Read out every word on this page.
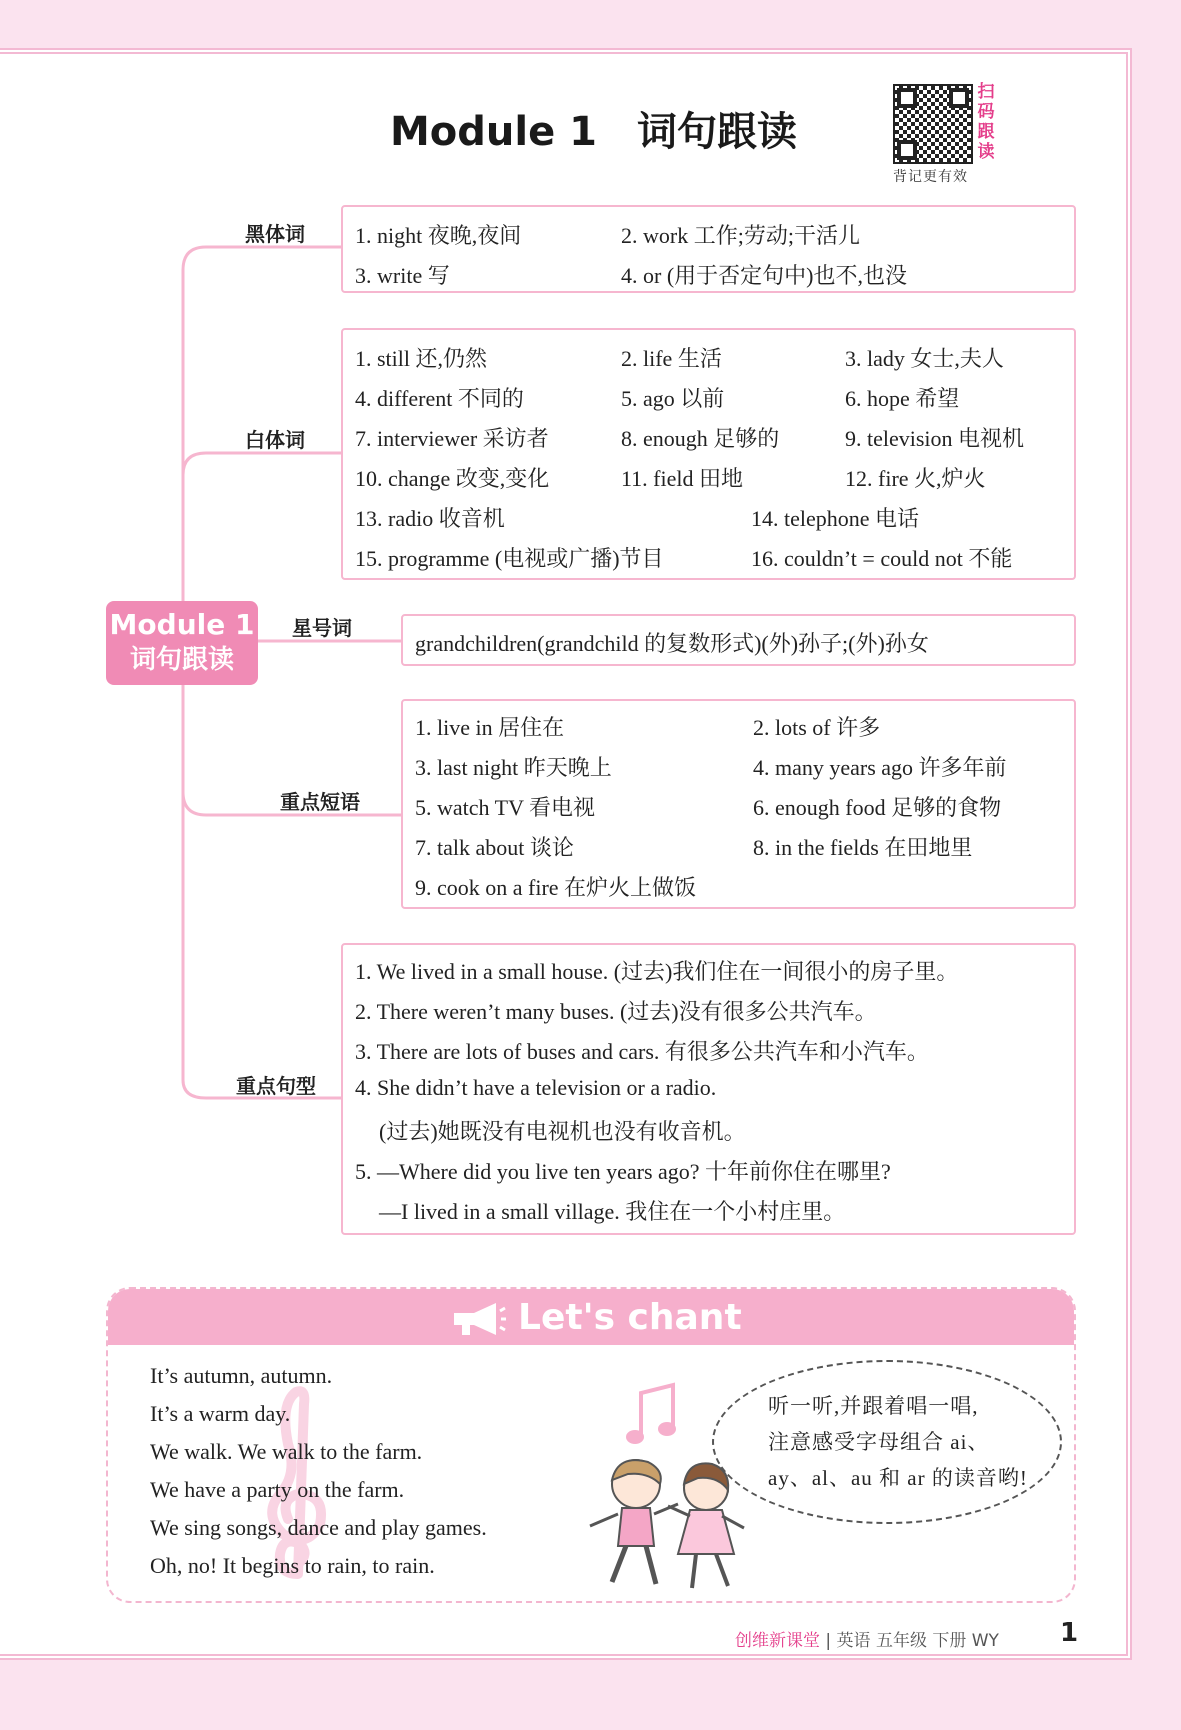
Module 1　词句跟读
扫码跟读
背记更有效
Module 1
词句跟读
黑体词 1. night 夜晚,夜间	2. work 工作;劳动;干活儿
3. write 写	4. or (用于否定句中)也不,也没
白体词
1. still 还,仍然	2. life 生活	3. lady 女士,夫人
4. different 不同的	5. ago 以前	6. hope 希望
7. interviewer 采访者	8. enough 足够的	9. television 电视机
10. change 改变,变化	11. field 田地	12. fire 火,炉火
13. radio 收音机	14. telephone 电话
15. programme (电视或广播)节目	16. couldn’t = could not 不能
星号词
grandchildren(grandchild 的复数形式)(外)孙子;(外)孙女
重点短语
1. live in 居住在	2. lots of 许多
3. last night 昨天晚上	4. many years ago 许多年前
5. watch TV 看电视	6. enough food 足够的食物
7. talk about 谈论	8. in the fields 在田地里
9. cook on a fire 在炉火上做饭
重点句型
1. We lived in a small house. (过去)我们住在一间很小的房子里。
2. There weren’t many buses. (过去)没有很多公共汽车。
3. There are lots of buses and cars. 有很多公共汽车和小汽车。
4. She didn’t have a television or a radio.
(过去)她既没有电视机也没有收音机。
5. —Where did you live ten years ago? 十年前你住在哪里?
—I lived in a small village. 我住在一个小村庄里。
Let's chant
It’s autumn, autumn.
It’s a warm day.
We walk. We walk to the farm.
We have a party on the farm.
We sing songs, dance and play games.
Oh, no! It begins to rain, to rain.
听一听,并跟着唱一唱,
注意感受字母组合 ai、
ay、al、au 和 ar 的读音哟!
创维新课堂 | 英语 五年级 下册 WY 1
